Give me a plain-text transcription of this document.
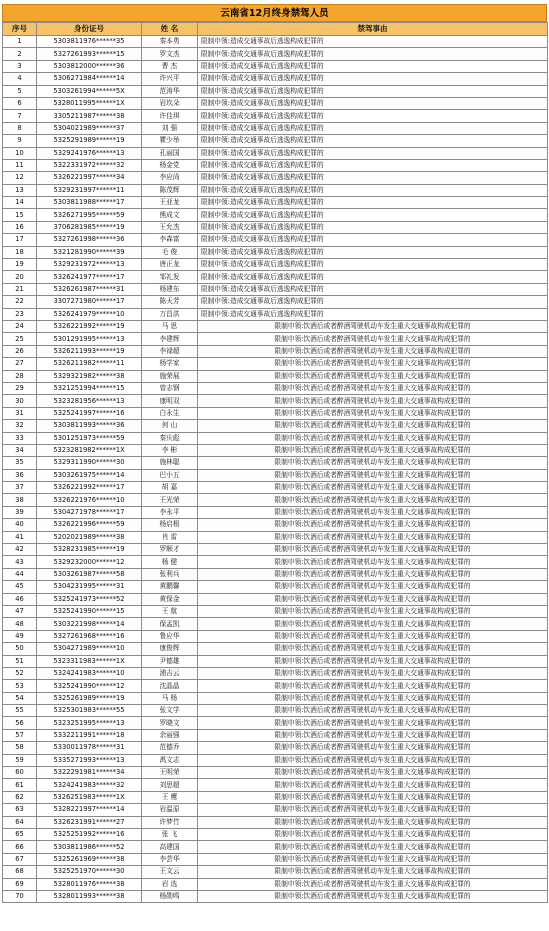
云南省12月终身禁驾人员
序号	身份证号	姓 名	禁驾事由
1	5303811976******35	秦本勇	限制申领:造成交通事故后逃逸构成犯罪的
2	5327261993******15	罗文杰	限制申领:造成交通事故后逃逸构成犯罪的
3	5303812000******36	曹 杰	限制申领:造成交通事故后逃逸构成犯罪的
4	5306271984******14	许兴平	限制申领:造成交通事故后逃逸构成犯罪的
5	5303261994******5X	范涛华	限制申领:造成交通事故后逃逸构成犯罪的
6	5328011995******1X	岩坎朵	限制申领:造成交通事故后逃逸构成犯罪的
7	3305211987******38	许佳琪	限制申领:造成交通事故后逃逸构成犯罪的
8	5304021989******37	刘 强	限制申领:造成交通事故后逃逸构成犯罪的
9	5325291989******19	瞿少举	限制申领:造成交通事故后逃逸构成犯罪的
10	5329241976******13	孔丽国	限制申领:造成交通事故后逃逸构成犯罪的
11	5322331972******32	杨金党	限制申领:造成交通事故后逃逸构成犯罪的
12	5326221997******34	李应尚	限制申领:造成交通事故后逃逸构成犯罪的
13	5329231997******11	陈茂辉	限制申领:造成交通事故后逃逸构成犯罪的
14	5303811988******17	王亚龙	限制申领:造成交通事故后逃逸构成犯罪的
15	5326271995******59	熊成文	限制申领:造成交通事故后逃逸构成犯罪的
16	3706281985******19	王允杰	限制申领:造成交通事故后逃逸构成犯罪的
17	5327261998******36	李森富	限制申领:造成交通事故后逃逸构成犯罪的
18	5321281990******39	毛 俊	限制申领:造成交通事故后逃逸构成犯罪的
19	5329231972******13	唐正龙	限制申领:造成交通事故后逃逸构成犯罪的
20	5326241977******17	邹礼发	限制申领:造成交通事故后逃逸构成犯罪的
21	5326261987******31	杨建东	限制申领:造成交通事故后逃逸构成犯罪的
22	3307271980******17	陈天芳	限制申领:造成交通事故后逃逸构成犯罪的
23	5326241979******10	万昌洪	限制申领:造成交通事故后逃逸构成犯罪的
24	5326221992******19	马 思	限制申领:饮酒后或者醉酒驾驶机动车发生重大交通事故构成犯罪的
25	5301291995******13	李建辉	限制申领:饮酒后或者醉酒驾驶机动车发生重大交通事故构成犯罪的
26	5326211993******19	李禄超	限制申领:饮酒后或者醉酒驾驶机动车发生重大交通事故构成犯罪的
27	5326211982******11	杨学家	限制申领:饮酒后或者醉酒驾驶机动车发生重大交通事故构成犯罪的
28	5329321982******38	施荣展	限制申领:饮酒后或者醉酒驾驶机动车发生重大交通事故构成犯罪的
29	5321251994******15	曾志钢	限制申领:饮酒后或者醉酒驾驶机动车发生重大交通事故构成犯罪的
30	5323281956******13	康明双	限制申领:饮酒后或者醉酒驾驶机动车发生重大交通事故构成犯罪的
31	5325241997******16	白永生	限制申领:饮酒后或者醉酒驾驶机动车发生重大交通事故构成犯罪的
32	5303811993******36	何 山	限制申领:饮酒后或者醉酒驾驶机动车发生重大交通事故构成犯罪的
33	5301251973******59	秦庆彪	限制申领:饮酒后或者醉酒驾驶机动车发生重大交通事故构成犯罪的
34	5323281982******1X	李 彬	限制申领:饮酒后或者醉酒驾驶机动车发生重大交通事故构成犯罪的
35	5329311990******30	施林聪	限制申领:饮酒后或者醉酒驾驶机动车发生重大交通事故构成犯罪的
36	5303261975******14	巴小五	限制申领:饮酒后或者醉酒驾驶机动车发生重大交通事故构成犯罪的
37	5326221992******17	胡 嘉	限制申领:饮酒后或者醉酒驾驶机动车发生重大交通事故构成犯罪的
38	5326221976******10	王光荣	限制申领:饮酒后或者醉酒驾驶机动车发生重大交通事故构成犯罪的
39	5304271978******17	李永平	限制申领:饮酒后或者醉酒驾驶机动车发生重大交通事故构成犯罪的
40	5326221996******59	杨启根	限制申领:饮酒后或者醉酒驾驶机动车发生重大交通事故构成犯罪的
41	5202021989******38	肖 雷	限制申领:饮酒后或者醉酒驾驶机动车发生重大交通事故构成犯罪的
42	5328231985******19	罗顺才	限制申领:饮酒后或者醉酒驾驶机动车发生重大交通事故构成犯罪的
43	5329232000******12	杨 健	限制申领:饮酒后或者醉酒驾驶机动车发生重大交通事故构成犯罪的
44	5303261987******58	张利兵	限制申领:饮酒后或者醉酒驾驶机动车发生重大交通事故构成犯罪的
45	5304231995******31	黄鹏馨	限制申领:饮酒后或者醉酒驾驶机动车发生重大交通事故构成犯罪的
46	5325241973******52	黄保金	限制申领:饮酒后或者醉酒驾驶机动车发生重大交通事故构成犯罪的
47	5325241990******15	王 航	限制申领:饮酒后或者醉酒驾驶机动车发生重大交通事故构成犯罪的
48	5303221998******14	保孟凯	限制申领:饮酒后或者醉酒驾驶机动车发生重大交通事故构成犯罪的
49	5327261968******16	鲁应华	限制申领:饮酒后或者醉酒驾驶机动车发生重大交通事故构成犯罪的
50	5304271989******10	康俊辉	限制申领:饮酒后或者醉酒驾驶机动车发生重大交通事故构成犯罪的
51	5323311983******1X	尹德雄	限制申领:饮酒后或者醉酒驾驶机动车发生重大交通事故构成犯罪的
52	5324241983******10	浦吉云	限制申领:饮酒后或者醉酒驾驶机动车发生重大交通事故构成犯罪的
53	5325241990******12	沈晶晶	限制申领:饮酒后或者醉酒驾驶机动车发生重大交通事故构成犯罪的
54	5325261989******19	马 杨	限制申领:饮酒后或者醉酒驾驶机动车发生重大交通事故构成犯罪的
55	5325301983******55	张文学	限制申领:饮酒后或者醉酒驾驶机动车发生重大交通事故构成犯罪的
56	5323251995******13	罗晓文	限制申领:饮酒后或者醉酒驾驶机动车发生重大交通事故构成犯罪的
57	5332211991******18	余丽强	限制申领:饮酒后或者醉酒驾驶机动车发生重大交通事故构成犯罪的
58	5330011978******31	范德乔	限制申领:饮酒后或者醉酒驾驶机动车发生重大交通事故构成犯罪的
59	5335271993******13	禹文志	限制申领:饮酒后或者醉酒驾驶机动车发生重大交通事故构成犯罪的
60	5322291981******34	王明荣	限制申领:饮酒后或者醉酒驾驶机动车发生重大交通事故构成犯罪的
61	5324241983******32	刘思超	限制申领:饮酒后或者醉酒驾驶机动车发生重大交通事故构成犯罪的
62	5326251983******1X	王 鹰	限制申领:饮酒后或者醉酒驾驶机动车发生重大交通事故构成犯罪的
63	5328221997******14	岩温原	限制申领:饮酒后或者醉酒驾驶机动车发生重大交通事故构成犯罪的
64	5326231991******27	许梦竹	限制申领:饮酒后或者醉酒驾驶机动车发生重大交通事故构成犯罪的
65	5325251992******16	张 飞	限制申领:饮酒后或者醉酒驾驶机动车发生重大交通事故构成犯罪的
66	5303811986******52	高建国	限制申领:饮酒后或者醉酒驾驶机动车发生重大交通事故构成犯罪的
67	5325261969******38	李芸华	限制申领:饮酒后或者醉酒驾驶机动车发生重大交通事故构成犯罪的
68	5325251970******30	王文云	限制申领:饮酒后或者醉酒驾驶机动车发生重大交通事故构成犯罪的
69	5328011976******38	岩 选	限制申领:饮酒后或者醉酒驾驶机动车发生重大交通事故构成犯罪的
70	5328011993******38	杨勋鸣	限制申领:饮酒后或者醉酒驾驶机动车发生重大交通事故构成犯罪的
